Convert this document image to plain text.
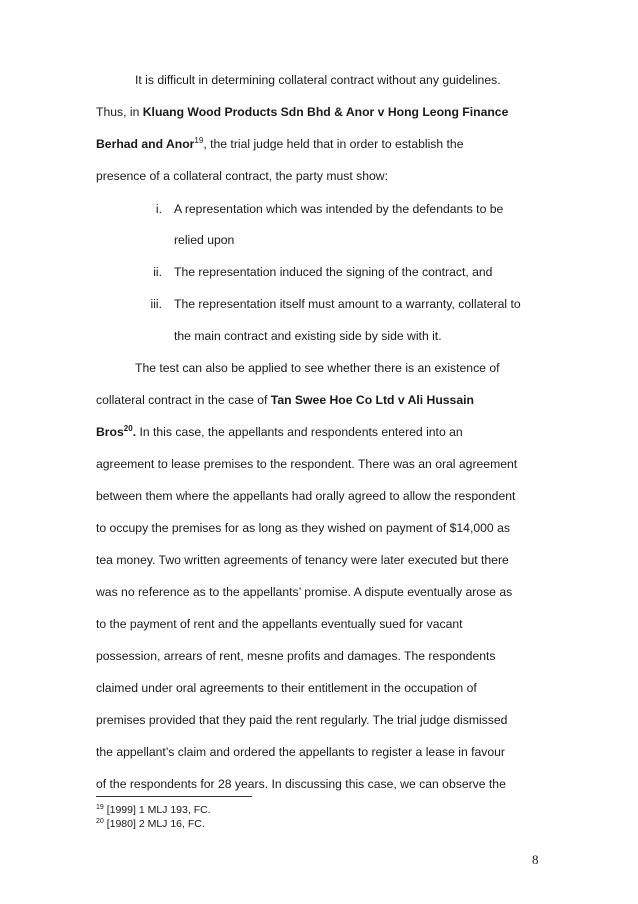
It is difficult in determining collateral contract without any guidelines.
Thus, in Kluang Wood Products Sdn Bhd & Anor v Hong Leong Finance
Berhad and Anor$^{19}$, the trial judge held that in order to establish the
presence of a collateral contract, the party must show:
i. A representation which was intended by the defendants to be
relied upon
ii. The representation induced the signing of the contract, and
iii. The representation itself must amount to a warranty, collateral to
the main contract and existing side by side with it.
The test can also be applied to see whether there is an existence of
collateral contract in the case of Tan Swee Hoe Co Ltd v Ali Hussain
Bros$^{20}$. In this case, the appellants and respondents entered into an
agreement to lease premises to the respondent. There was an oral agreement
between them where the appellants had orally agreed to allow the respondent
to occupy the premises for as long as they wished on payment of $14,000 as
tea money. Two written agreements of tenancy were later executed but there
was no reference as to the appellants’ promise. A dispute eventually arose as
to the payment of rent and the appellants eventually sued for vacant
possession, arrears of rent, mesne profits and damages. The respondents
claimed under oral agreements to their entitlement in the occupation of
premises provided that they paid the rent regularly. The trial judge dismissed
the appellant’s claim and ordered the appellants to register a lease in favour
of the respondents for 28 years. In discussing this case, we can observe the
$^{19}$ [1999] 1 MLJ 193, FC.
$^{20}$ [1980] 2 MLJ 16, FC.
8
